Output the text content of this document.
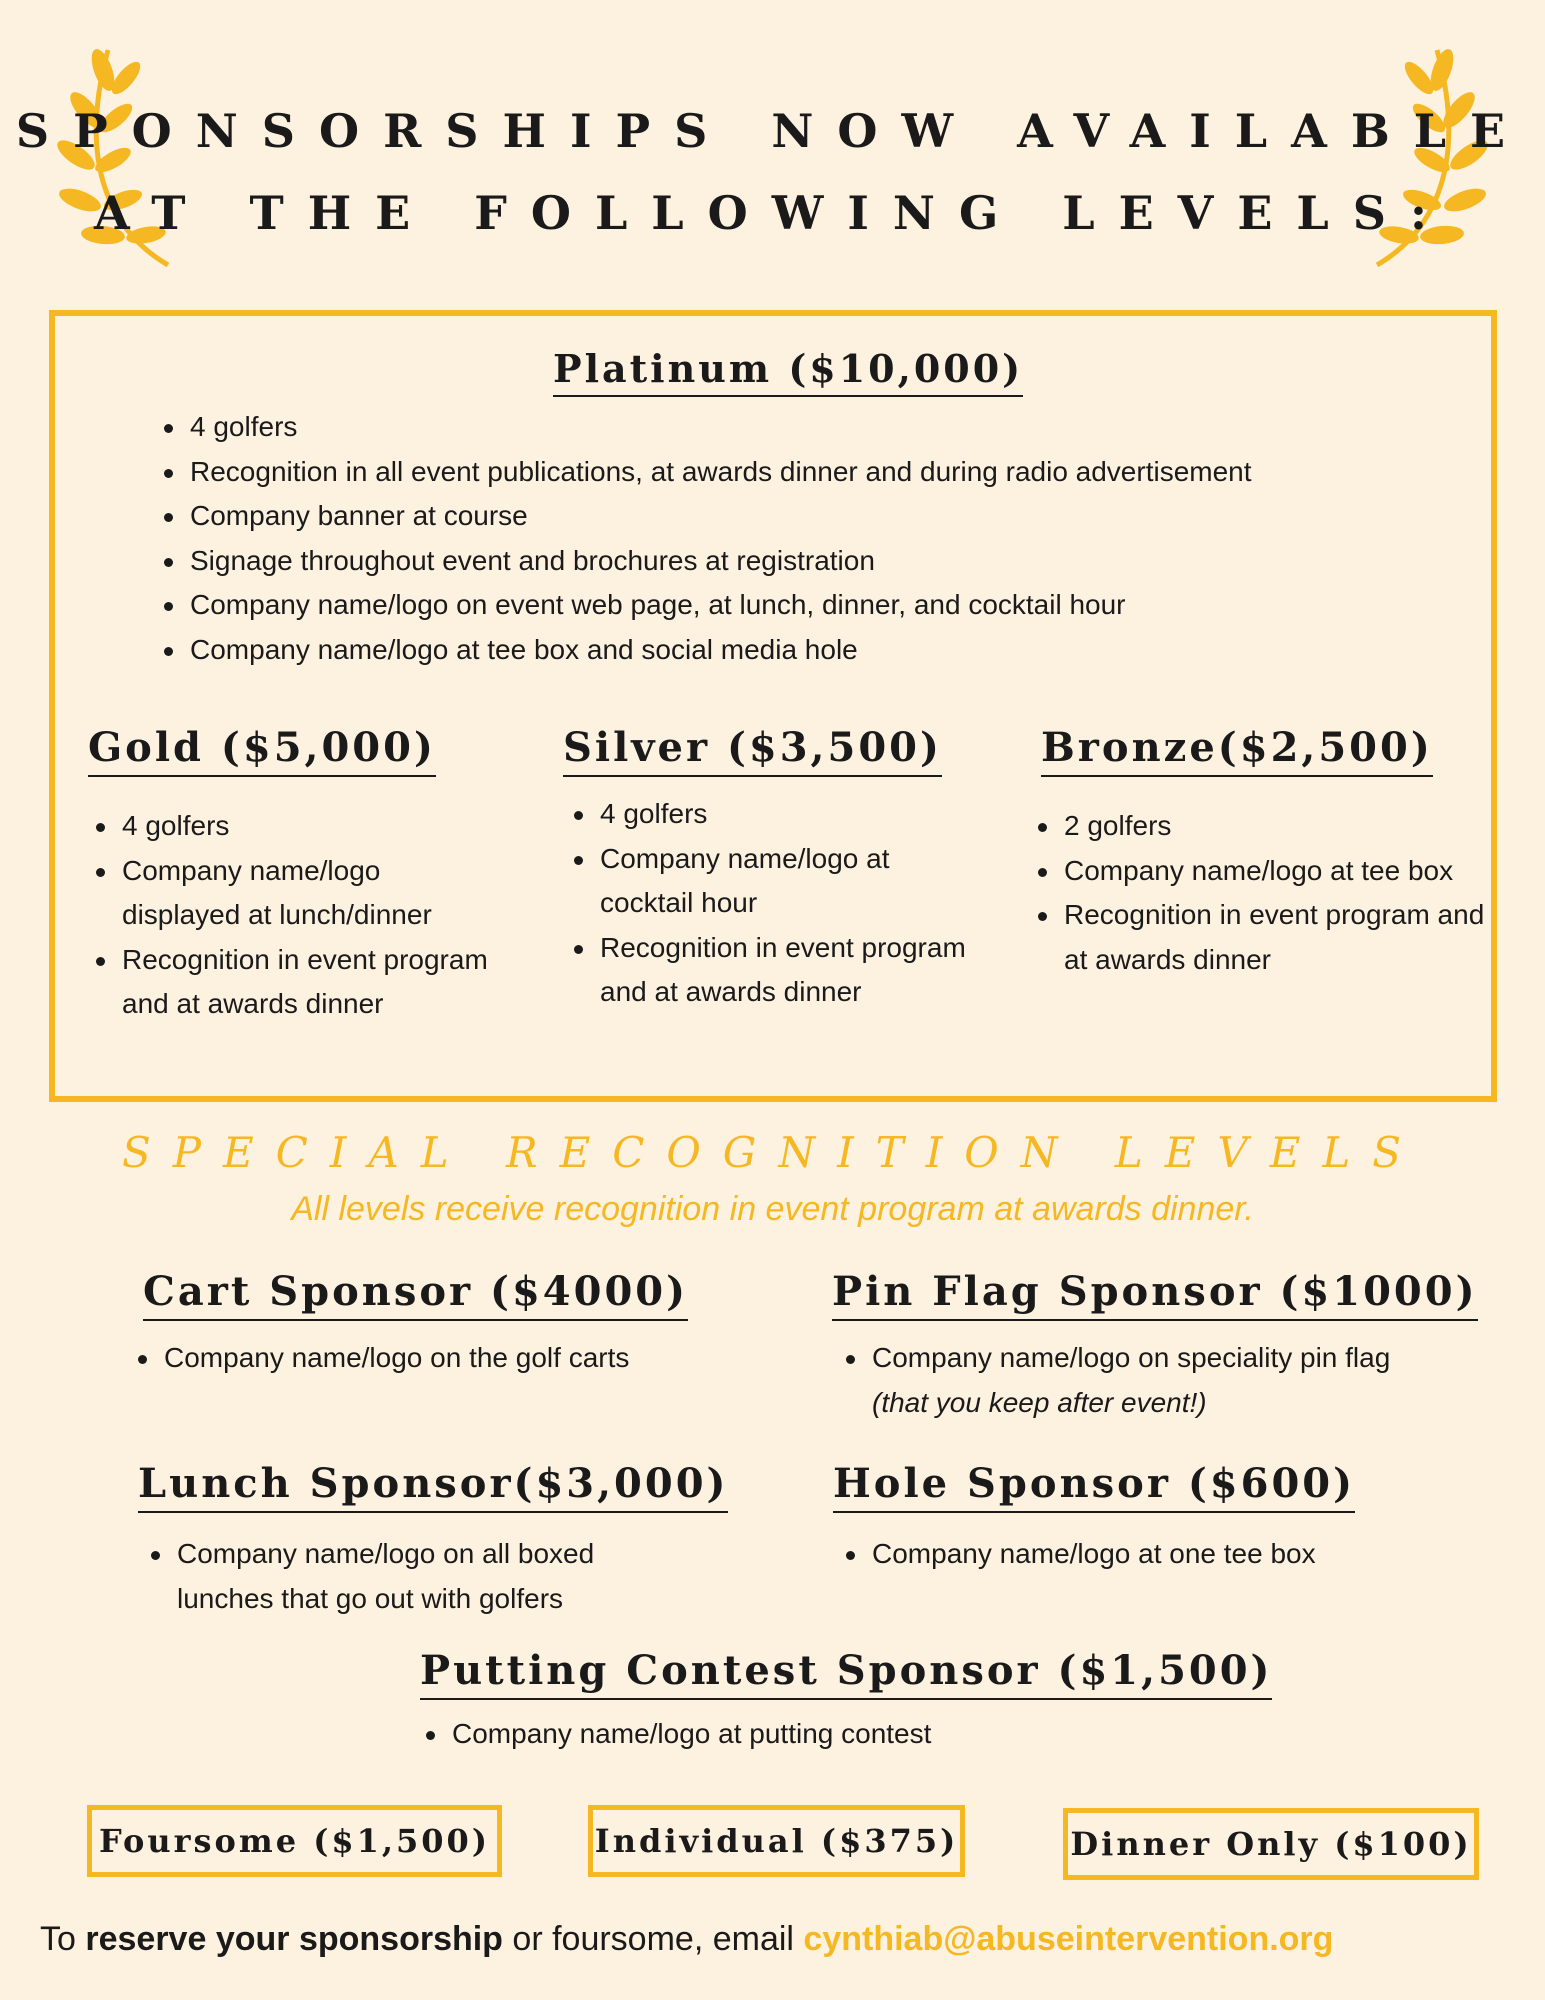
SPONSORSHIPS NOW AVAILABLE
AT THE FOLLOWING LEVELS:
Platinum ($10,000)
4 golfers
Recognition in all event publications, at awards dinner and during radio advertisement
Company banner at course
Signage throughout event and brochures at registration
Company name/logo on event web page, at lunch, dinner, and cocktail hour
Company name/logo at tee box and social media hole
Gold ($5,000)
4 golfers
Company name/logo displayed at lunch/dinner
Recognition in event program and at awards dinner
Silver ($3,500)
4 golfers
Company name/logo at cocktail hour
Recognition in event program and at awards dinner
Bronze($2,500)
2 golfers
Company name/logo at tee box
Recognition in event program and at awards dinner
SPECIAL RECOGNITION LEVELS
All levels receive recognition in event program at awards dinner.
Cart Sponsor ($4000)
Company name/logo on the golf carts
Pin Flag Sponsor ($1000)
Company name/logo on speciality pin flag (that you keep after event!)
Lunch Sponsor($3,000)
Company name/logo on all boxed lunches that go out with golfers
Hole Sponsor ($600)
Company name/logo at one tee box
Putting Contest Sponsor ($1,500)
Company name/logo at putting contest
Foursome ($1,500)	Individual ($375)	Dinner Only ($100)
To reserve your sponsorship or foursome, email cynthiab@abuseintervention.org
